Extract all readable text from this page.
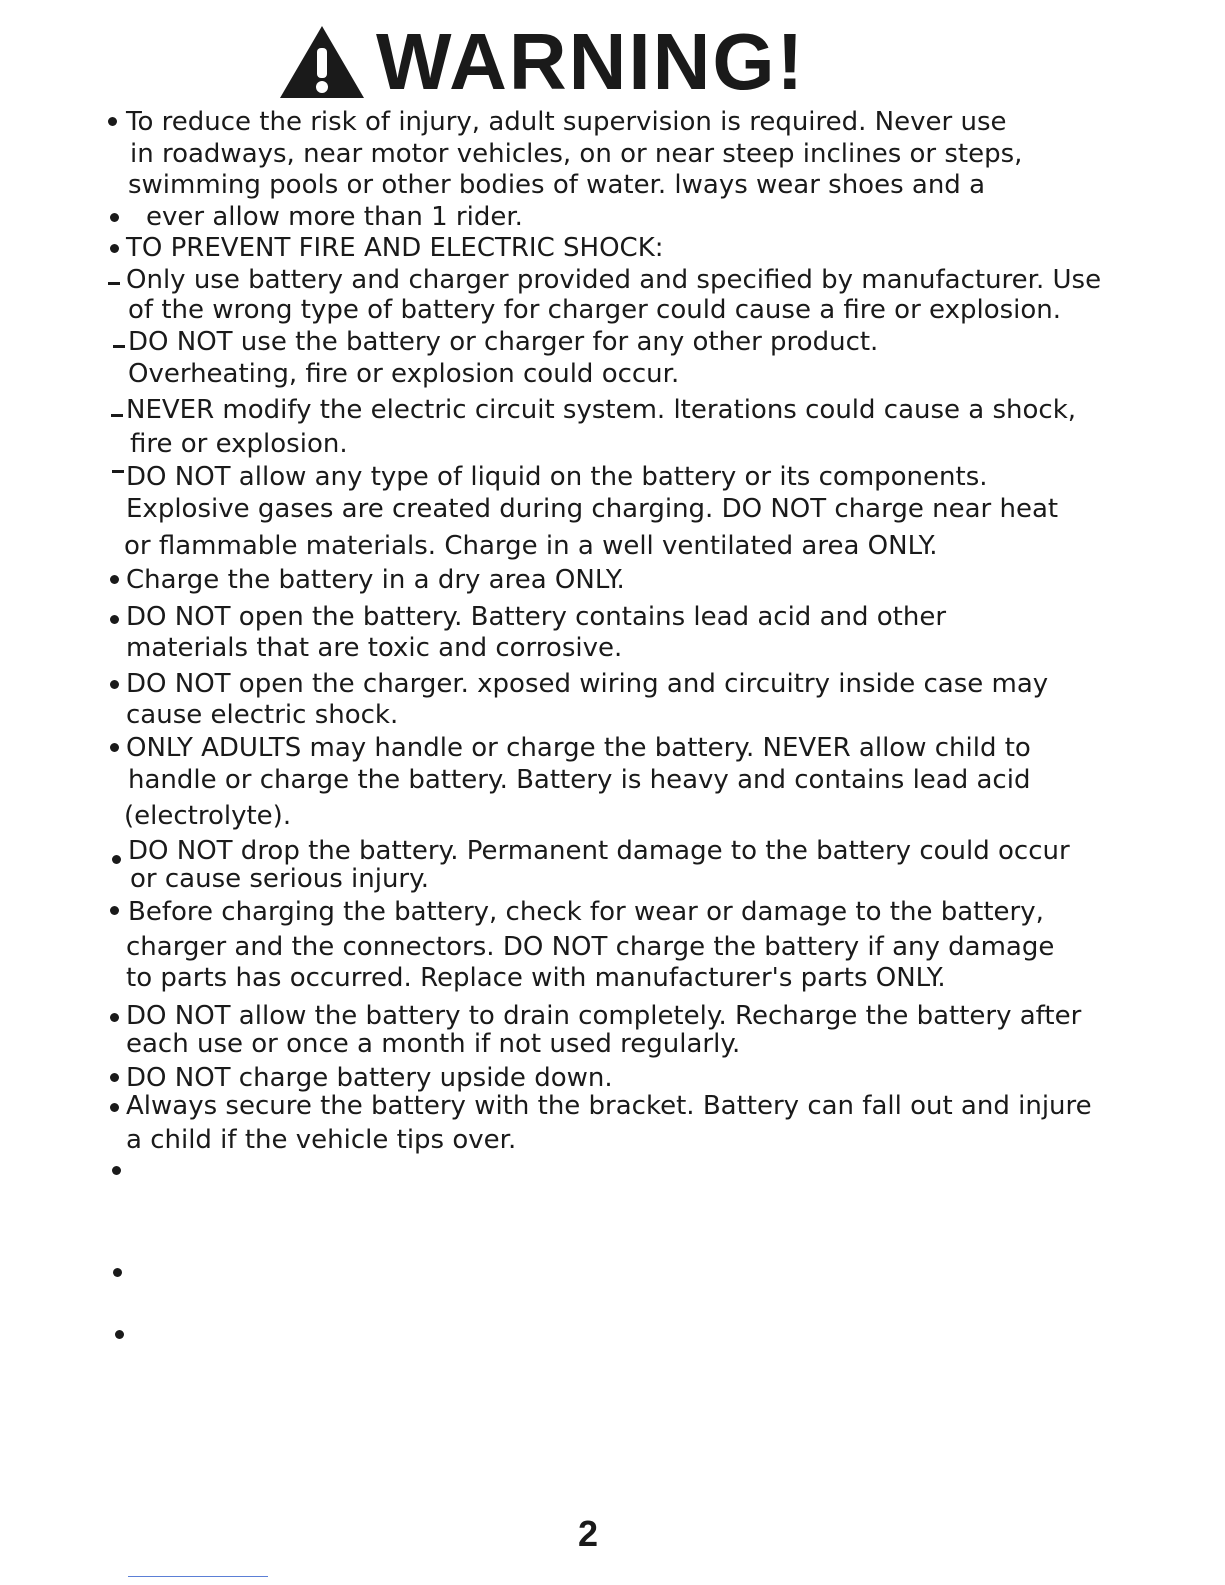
WARNING!
To reduce the risk of injury, adult supervision is required. Never use
in roadways, near motor vehicles, on or near steep inclines or steps,
swimming pools or other bodies of water. lways wear shoes and a
ever allow more than 1 rider.
TO PREVENT FIRE AND ELECTRIC SHOCK:
Only use battery and charger provided and specified by manufacturer. Use
of the wrong type of battery for charger could cause a fire or explosion.
DO NOT use the battery or charger for any other product.
Overheating, fire or explosion could occur.
NEVER modify the electric circuit system. lterations could cause a shock,
fire or explosion.
DO NOT allow any type of liquid on the battery or its components.
Explosive gases are created during charging. DO NOT charge near heat
or flammable materials. Charge in a well ventilated area ONLY.
Charge the battery in a dry area ONLY.
DO NOT open the battery. Battery contains lead acid and other
materials that are toxic and corrosive.
DO NOT open the charger. xposed wiring and circuitry inside case may
cause electric shock.
ONLY ADULTS may handle or charge the battery. NEVER allow child to
handle or charge the battery. Battery is heavy and contains lead acid
(electrolyte).
DO NOT drop the battery. Permanent damage to the battery could occur
or cause serious injury.
Before charging the battery, check for wear or damage to the battery,
charger and the connectors. DO NOT charge the battery if any damage
to parts has occurred. Replace with manufacturer's parts ONLY.
DO NOT allow the battery to drain completely. Recharge the battery after
each use or once a month if not used regularly.
DO NOT charge battery upside down.
Always secure the battery with the bracket. Battery can fall out and injure
a child if the vehicle tips over.
2
